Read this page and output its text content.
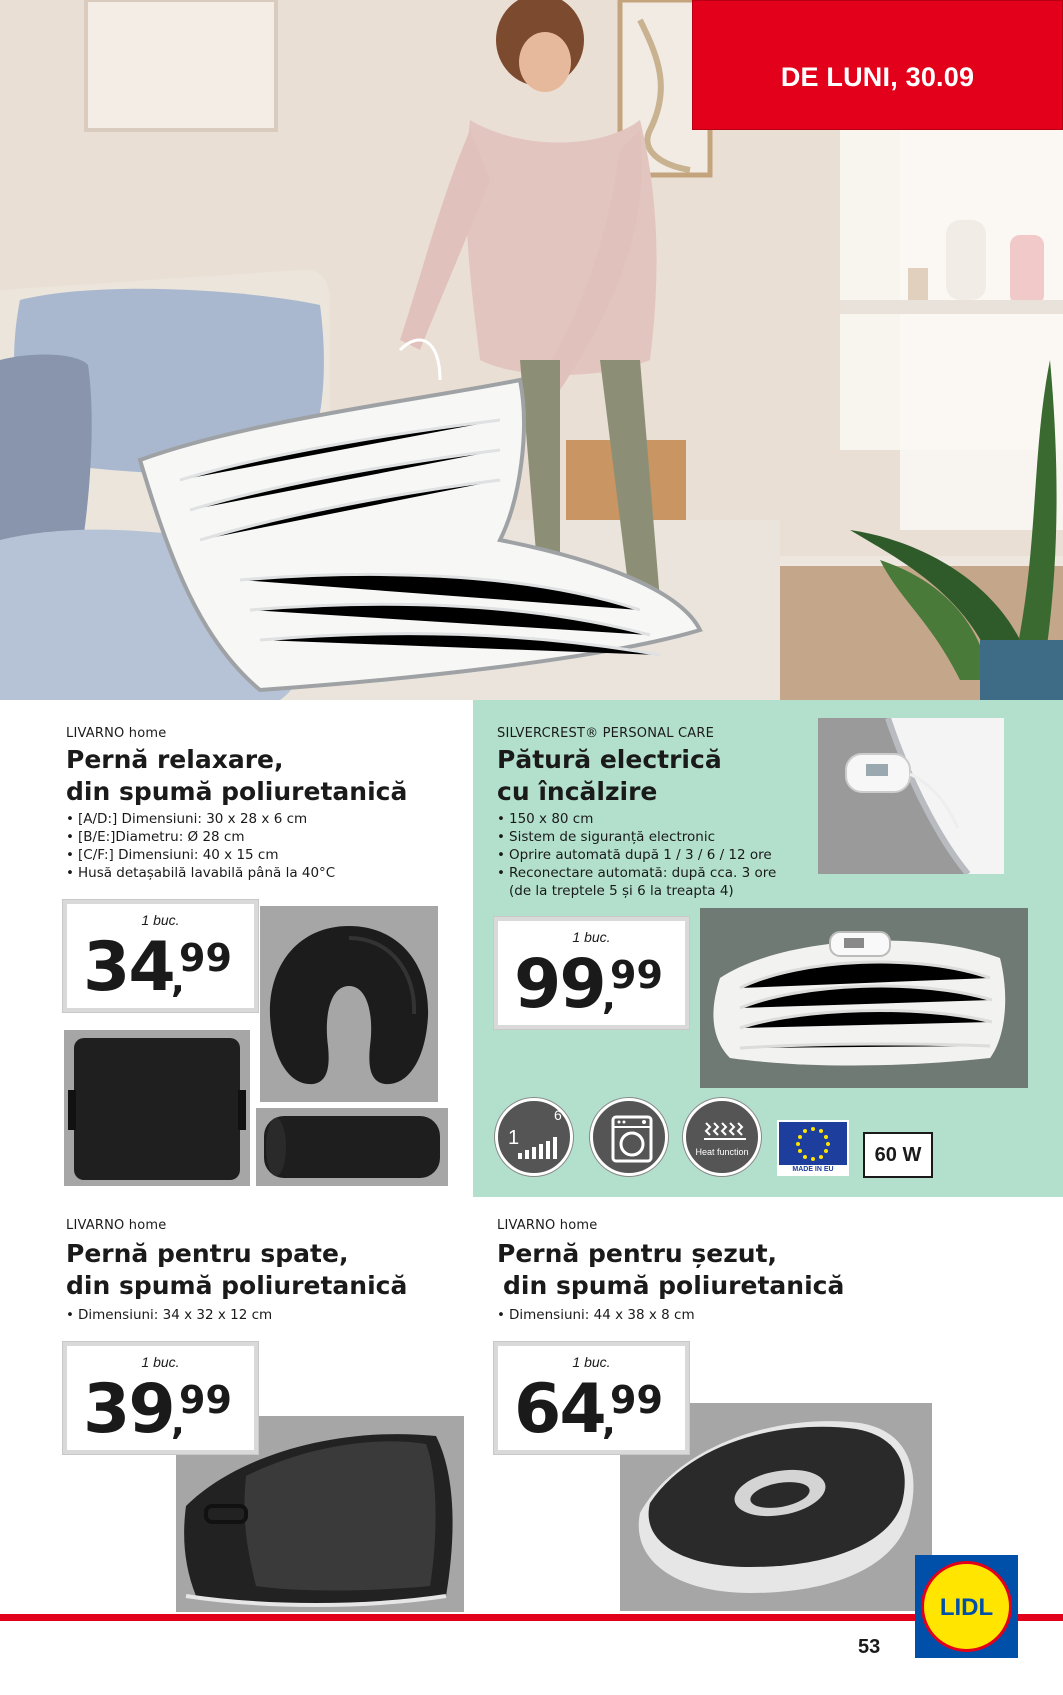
DE LUNI, 30.09
LIVARNO home
Pernă relaxare,
din spumă poliuretanică
• [A/D:] Dimensiuni: 30 x 28 x 6 cm
• [B/E:]Diametru: Ø 28 cm
• [C/F:] Dimensiuni: 40 x 15 cm
• Husă detașabilă lavabilă până la 40°C
1 buc.
34
,
99
SILVERCREST® PERSONAL CARE
Pătură electrică
cu încălzire
• 150 x 80 cm
• Sistem de siguranță electronic
• Oprire automată după 1 / 3 / 6 / 12 ore
• Reconectare automată: după cca. 3 ore
(de la treptele 5 și 6 la treapta 4)
1 buc.
99
,
99
1
6
Heat function
MADE IN EU
60 W
LIVARNO home
Pernă pentru spate,
din spumă poliuretanică
• Dimensiuni: 34 x 32 x 12 cm
1 buc.
39
,
99
LIVARNO home
Pernă pentru șezut,
din spumă poliuretanică
• Dimensiuni: 44 x 38 x 8 cm
1 buc.
64
,
99
53
LIDL
